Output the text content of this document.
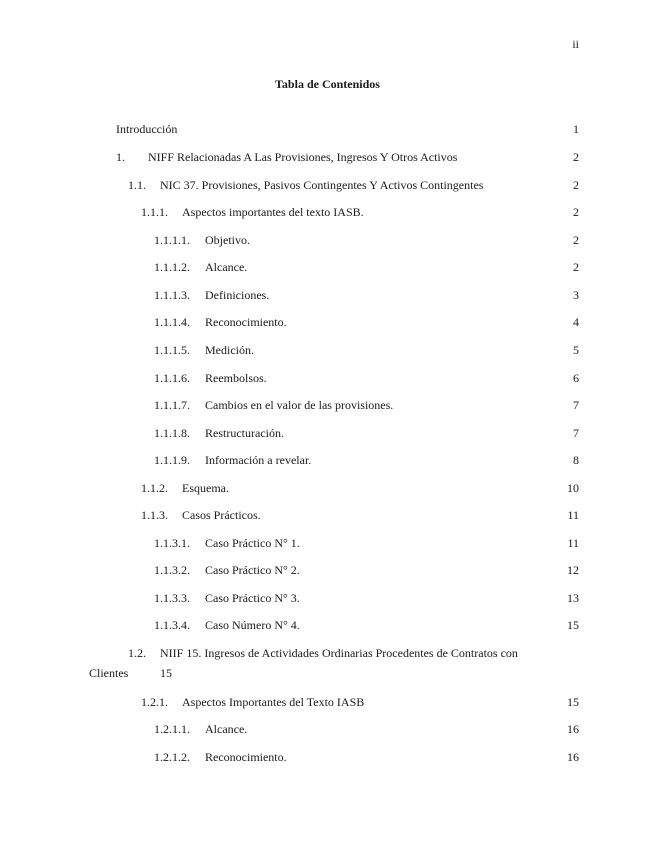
ii
Tabla de Contenidos
Introducción	1
1. NIFF Relacionadas A Las Provisiones, Ingresos Y Otros Activos	2
1.1. NIC 37. Provisiones, Pasivos Contingentes Y Activos Contingentes	2
1.1.1. Aspectos importantes del texto IASB.	2
1.1.1.1. Objetivo.	2
1.1.1.2. Alcance.	2
1.1.1.3. Definiciones.	3
1.1.1.4. Reconocimiento.	4
1.1.1.5. Medición.	5
1.1.1.6. Reembolsos.	6
1.1.1.7. Cambios en el valor de las provisiones.	7
1.1.1.8. Restructuración.	7
1.1.1.9. Información a revelar.	8
1.1.2. Esquema.	10
1.1.3. Casos Prácticos.	11
1.1.3.1. Caso Práctico N° 1.	11
1.1.3.2. Caso Práctico N° 2.	12
1.1.3.3. Caso Práctico N° 3.	13
1.1.3.4. Caso Número N° 4.	15
1.2. NIIF 15. Ingresos de Actividades Ordinarias Procedentes de Contratos con
Clientes	15
1.2.1. Aspectos Importantes del Texto IASB	15
1.2.1.1. Alcance.	16
1.2.1.2. Reconocimiento.	16
